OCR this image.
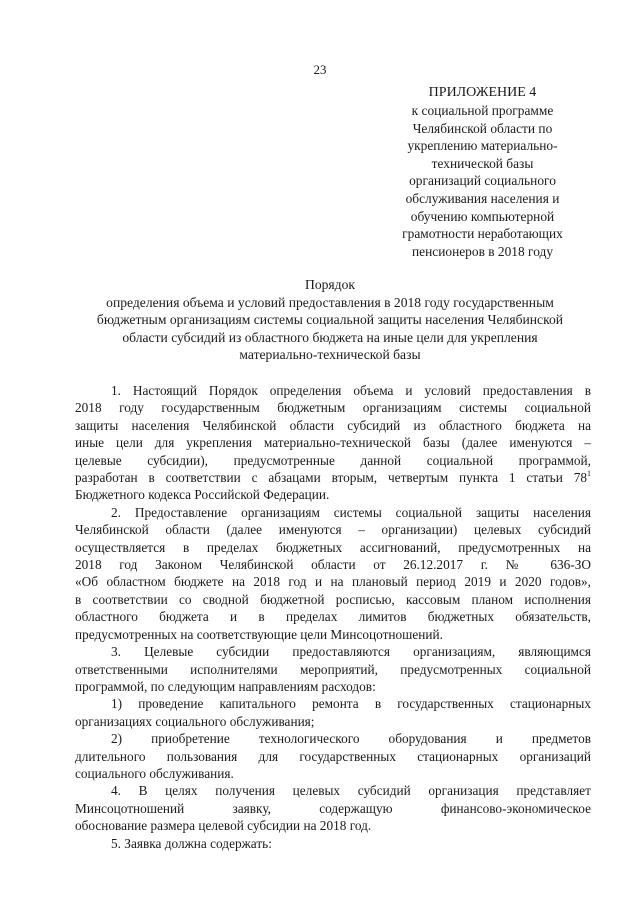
23
ПРИЛОЖЕНИЕ 4
к социальной программе
Челябинской области по
укреплению материально-
технической базы
организаций социального
обслуживания населения и
обучению компьютерной
грамотности неработающих
пенсионеров в 2018 году
Порядок
определения объема и условий предоставления в 2018 году государственным
бюджетным организациям системы социальной защиты населения Челябинской
области субсидий из областного бюджета на иные цели для укрепления
материально-технической базы
1. Настоящий Порядок определения объема и условий предоставления в
2018 году государственным бюджетным организациям системы социальной
защиты населения Челябинской области субсидий из областного бюджета на
иные цели для укрепления материально-технической базы (далее именуются –
целевые субсидии), предусмотренные данной социальной программой,
разработан в соответствии с абзацами вторым, четвертым пункта 1 статьи 78$^1$
Бюджетного кодекса Российской Федерации.
2. Предоставление организациям системы социальной защиты населения
Челябинской области (далее именуются – организации) целевых субсидий
осуществляется в пределах бюджетных ассигнований, предусмотренных на
2018 год Законом Челябинской области от 26.12.2017 г. № 636-ЗО
«Об областном бюджете на 2018 год и на плановый период 2019 и 2020 годов»,
в соответствии со сводной бюджетной росписью, кассовым планом исполнения
областного бюджета и в пределах лимитов бюджетных обязательств,
предусмотренных на соответствующие цели Минсоцотношений.
3. Целевые субсидии предоставляются организациям, являющимся
ответственными исполнителями мероприятий, предусмотренных социальной
программой, по следующим направлениям расходов:
1) проведение капитального ремонта в государственных стационарных
организациях социального обслуживания;
2) приобретение технологического оборудования и предметов
длительного пользования для государственных стационарных организаций
социального обслуживания.
4. В целях получения целевых субсидий организация представляет
Минсоцотношений заявку, содержащую финансово-экономическое
обоснование размера целевой субсидии на 2018 год.
5. Заявка должна содержать:
